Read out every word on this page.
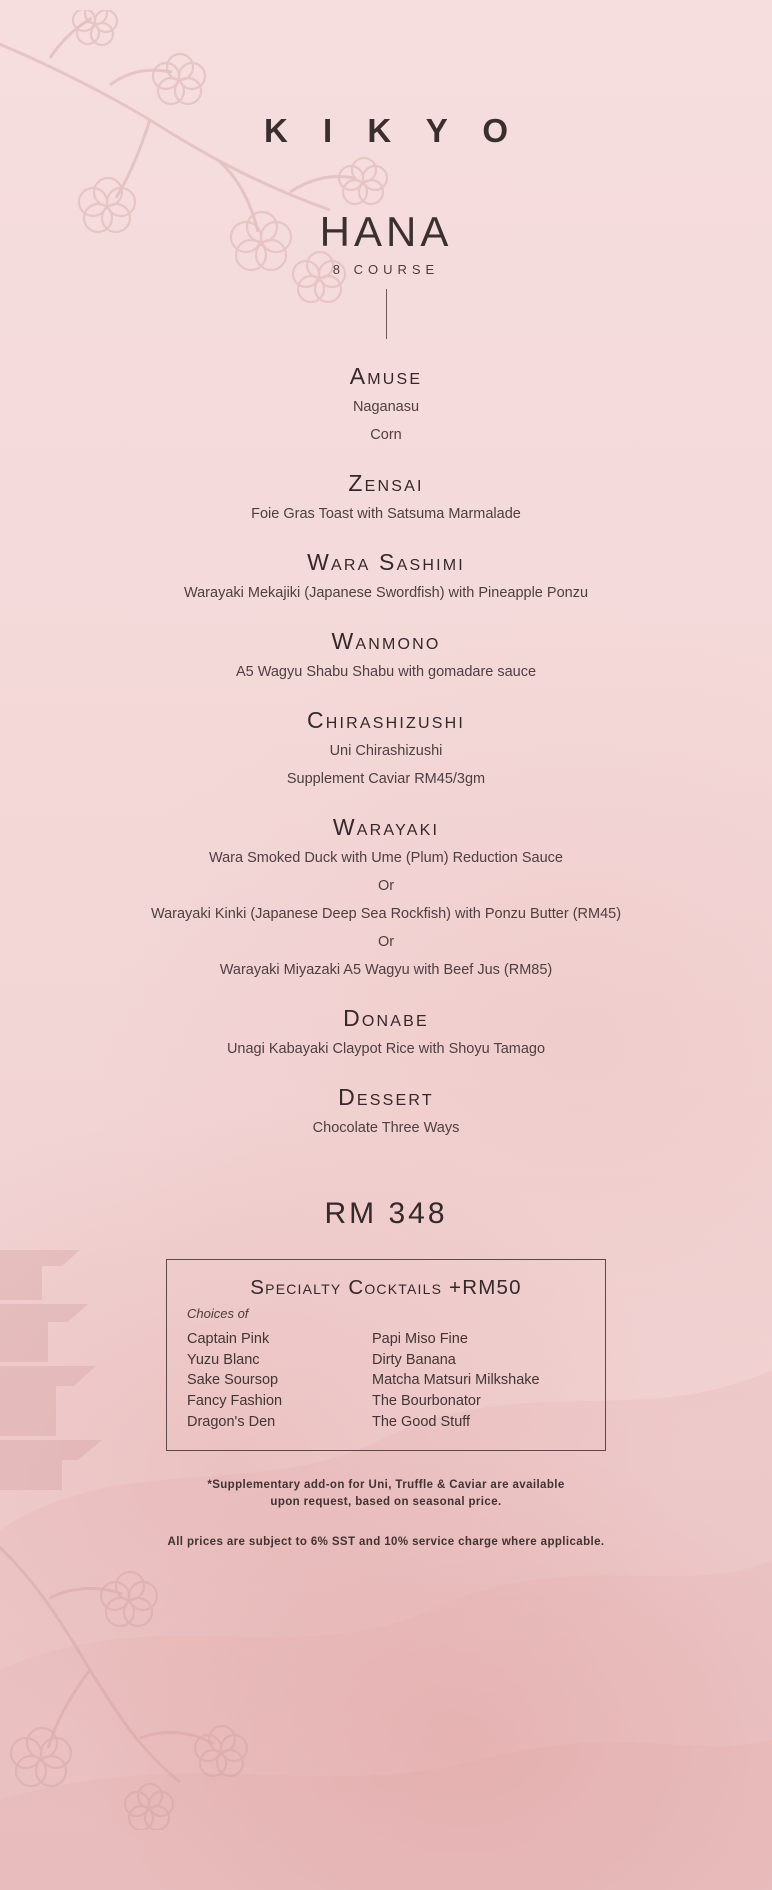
K I K Y O
HANA
8 COURSE
Amuse
Naganasu
Corn
Zensai
Foie Gras Toast with Satsuma Marmalade
Wara Sashimi
Warayaki Mekajiki (Japanese Swordfish) with Pineapple Ponzu
Wanmono
A5 Wagyu Shabu Shabu with gomadare sauce
Chirashizushi
Uni Chirashizushi
Supplement Caviar RM45/3gm
Warayaki
Wara Smoked Duck with Ume (Plum) Reduction Sauce
Or
Warayaki Kinki (Japanese Deep Sea Rockfish) with Ponzu Butter (RM45)
Or
Warayaki Miyazaki A5 Wagyu with Beef Jus (RM85)
Donabe
Unagi Kabayaki Claypot Rice with Shoyu Tamago
Dessert
Chocolate Three Ways
RM 348
Specialty Cocktails +RM50
Choices of
Captain Pink
Yuzu Blanc
Sake Soursop
Fancy Fashion
Dragon's Den
Papi Miso Fine
Dirty Banana
Matcha Matsuri Milkshake
The Bourbonator
The Good Stuff
*Supplementary add-on for Uni, Truffle & Caviar are available
upon request, based on seasonal price.
All prices are subject to 6% SST and 10% service charge where applicable.
